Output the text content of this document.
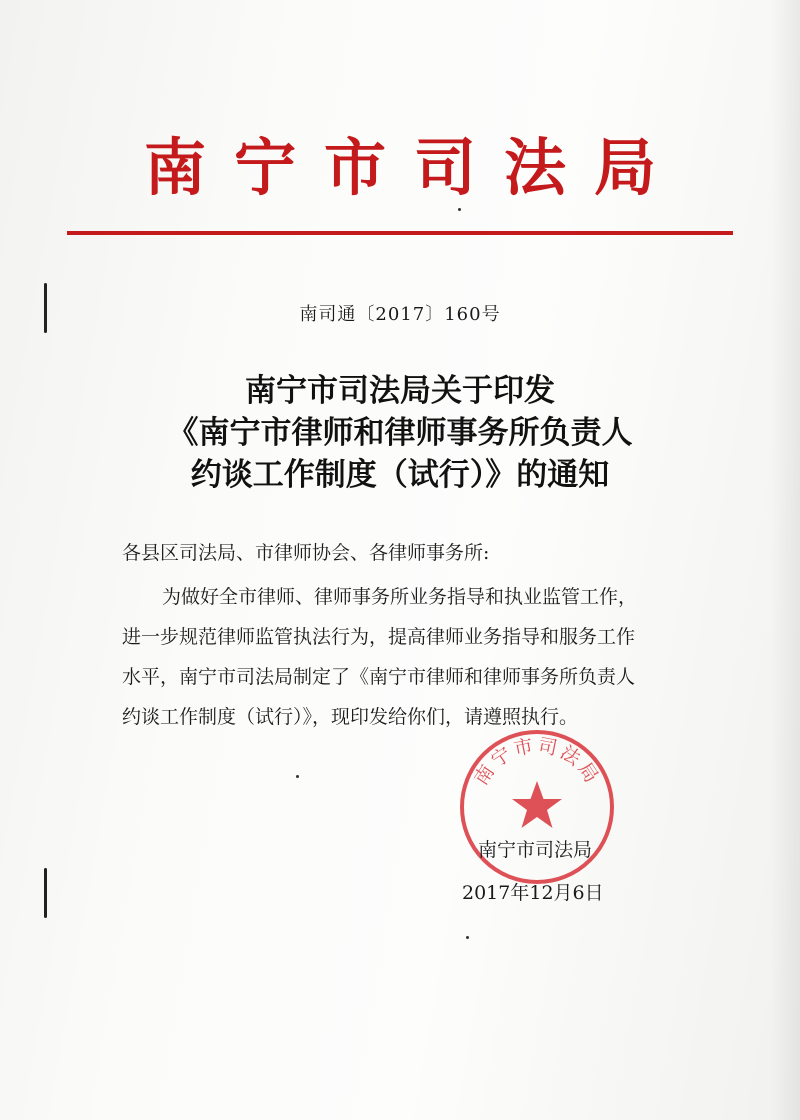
南宁市司法局
南司通〔2017〕160号
南宁市司法局关于印发
《南宁市律师和律师事务所负责人
约谈工作制度（试行）》的通知
各县区司法局、市律师协会、各律师事务所:
为做好全市律师、律师事务所业务指导和执业监管工作，
进一步规范律师监管执法行为，提高律师业务指导和服务工作
水平，南宁市司法局制定了《南宁市律师和律师事务所负责人
约谈工作制度（试行）》，现印发给你们，请遵照执行。
南宁市司法局
南宁市司法局
2017年12月6日
